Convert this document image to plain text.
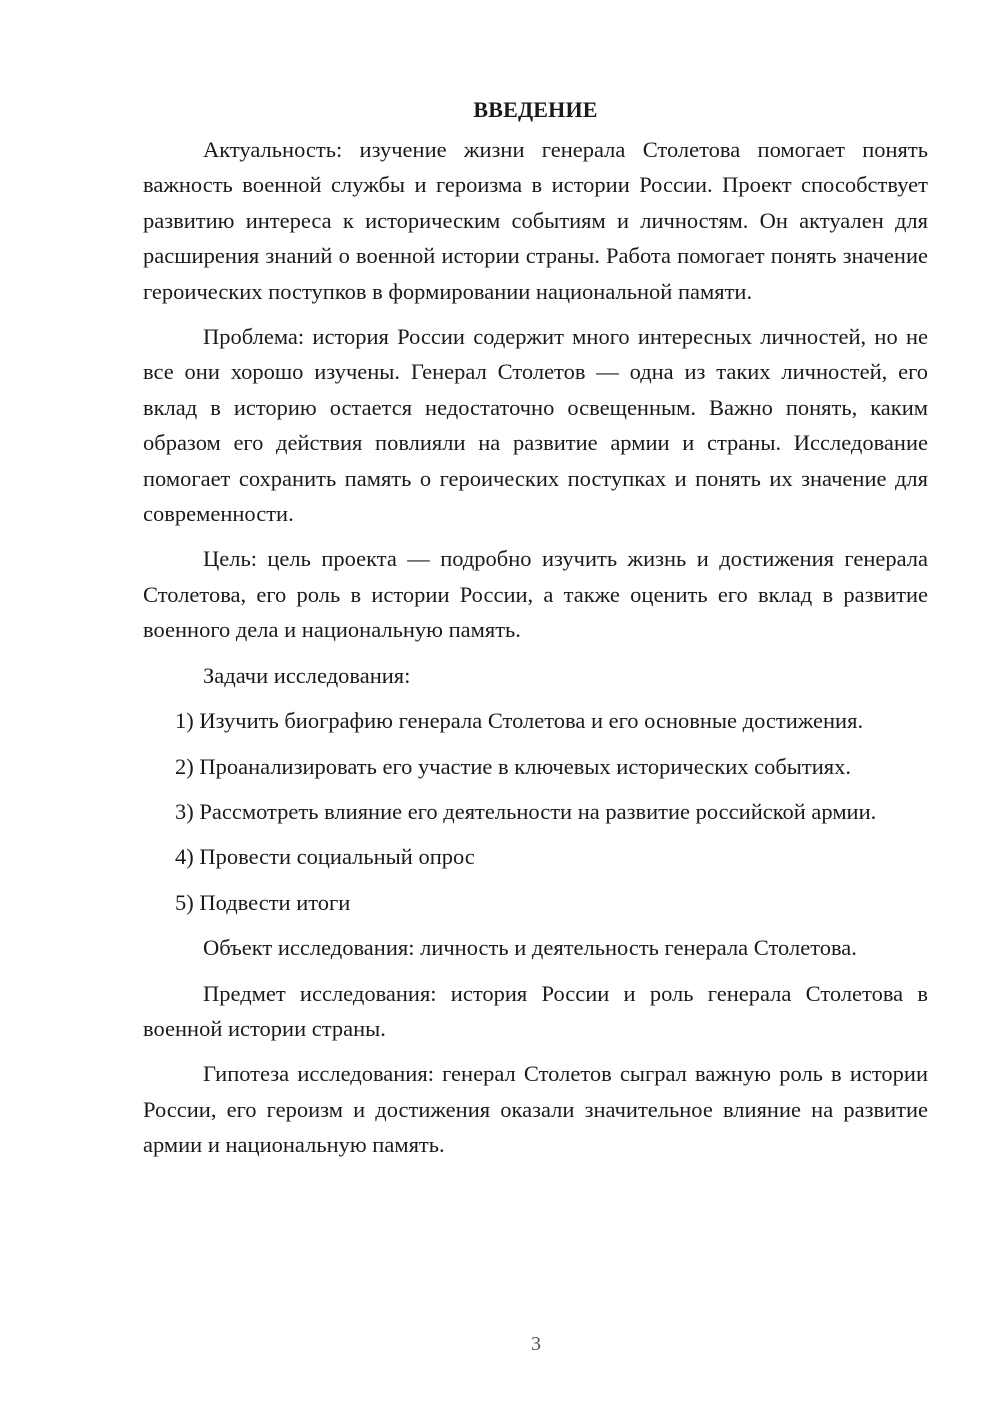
ВВЕДЕНИЕ

Актуальность: изучение жизни генерала Столетова помогает понять важность военной службы и героизма в истории России. Проект способствует развитию интереса к историческим событиям и личностям. Он актуален для расширения знаний о военной истории страны. Работа помогает понять значение героических поступков в формировании национальной памяти.

Проблема: история России содержит много интересных личностей, но не все они хорошо изучены. Генерал Столетов — одна из таких личностей, его вклад в историю остается недостаточно освещенным. Важно понять, каким образом его действия повлияли на развитие армии и страны. Исследование помогает сохранить память о героических поступках и понять их значение для современности.

Цель: цель проекта — подробно изучить жизнь и достижения генерала Столетова, его роль в истории России, а также оценить его вклад в развитие военного дела и национальную память.

Задачи исследования:

1) Изучить биографию генерала Столетова и его основные достижения.

2) Проанализировать его участие в ключевых исторических событиях.

3) Рассмотреть влияние его деятельности на развитие российской армии.

4) Провести социальный опрос

5) Подвести итоги

Объект исследования: личность и деятельность генерала Столетова.

Предмет исследования: история России и роль генерала Столетова в военной истории страны.

Гипотеза исследования: генерал Столетов сыграл важную роль в истории России, его героизм и достижения оказали значительное влияние на развитие армии и национальную память.

3
